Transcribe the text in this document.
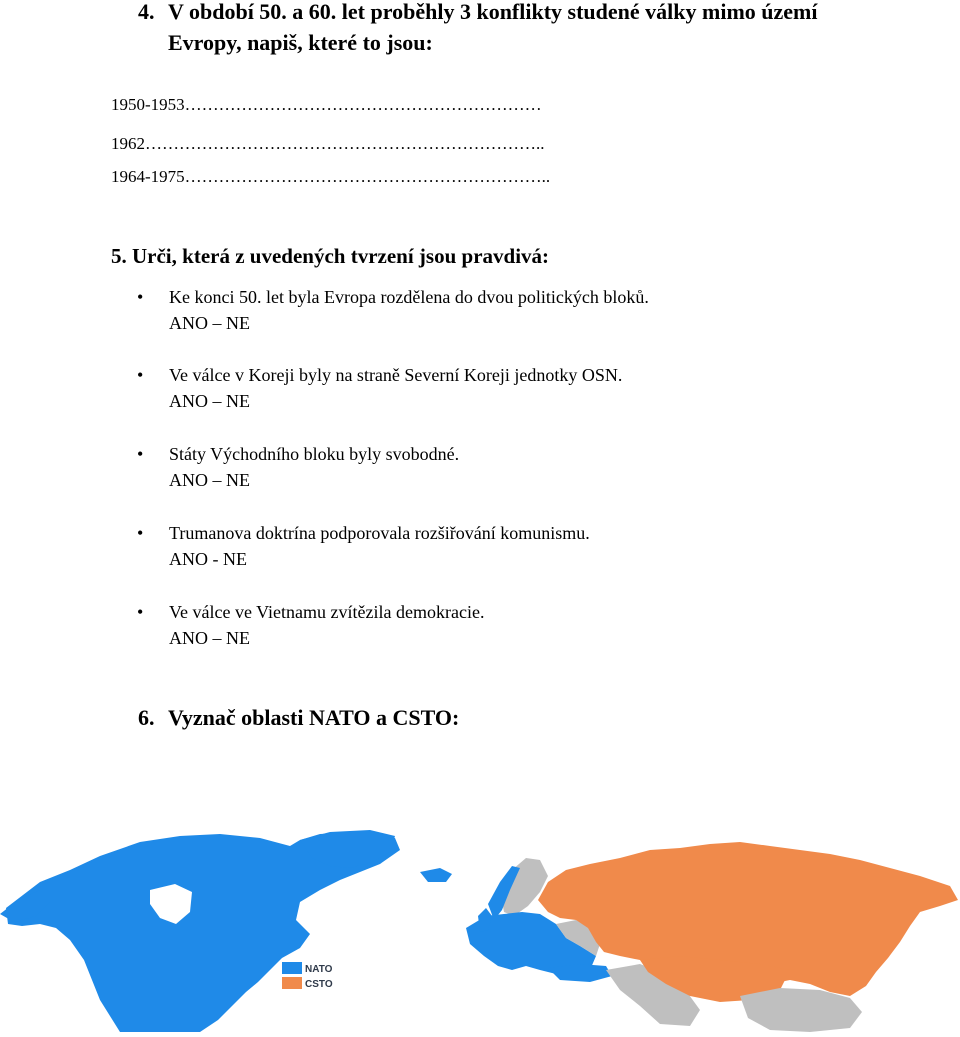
4. V období 50. a 60. let proběhly 3 konflikty studené války mimo území
Evropy, napiš, které to jsou:
1950-1953………………………………………………………
1962……………………………………………………………..
1964-1975………………………………………………………..
5. Urči, která z uvedených tvrzení jsou pravdivá:
• Ke konci 50. let byla Evropa rozdělena do dvou politických bloků.
ANO – NE
• Ve válce v Koreji byly na straně Severní Koreji jednotky OSN.
ANO – NE
• Státy Východního bloku byly svobodné.
ANO – NE
• Trumanova doktrína podporovala rozšiřování komunismu.
ANO - NE
• Ve válce ve Vietnamu zvítězila demokracie.
ANO – NE
6. Vyznač oblasti NATO a CSTO:
NATO
CSTO
